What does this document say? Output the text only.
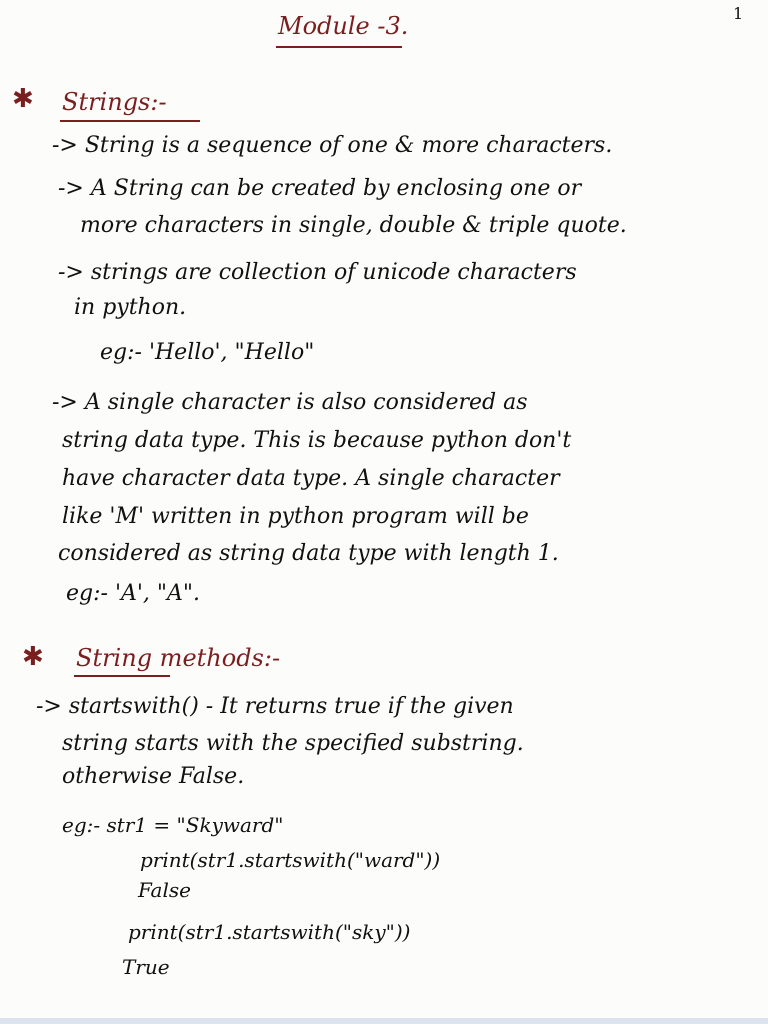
1
Module -3.
✱ Strings:-
-> String is a sequence of one & more characters.
-> A String can be created by enclosing one or
more characters in single, double & triple quote.
-> strings are collection of unicode characters
in python.
eg:- 'Hello', "Hello"
-> A single character is also considered as
string data type. This is because python don't
have character data type. A single character
like 'M' written in python program will be
considered as string data type with length 1.
eg:- 'A', "A".
✱ String methods:-
-> startswith() - It returns true if the given
string starts with the specified substring.
otherwise False.
eg:- str1 = "Skyward"
print(str1.startswith("ward"))
False
print(str1.startswith("sky"))
True
